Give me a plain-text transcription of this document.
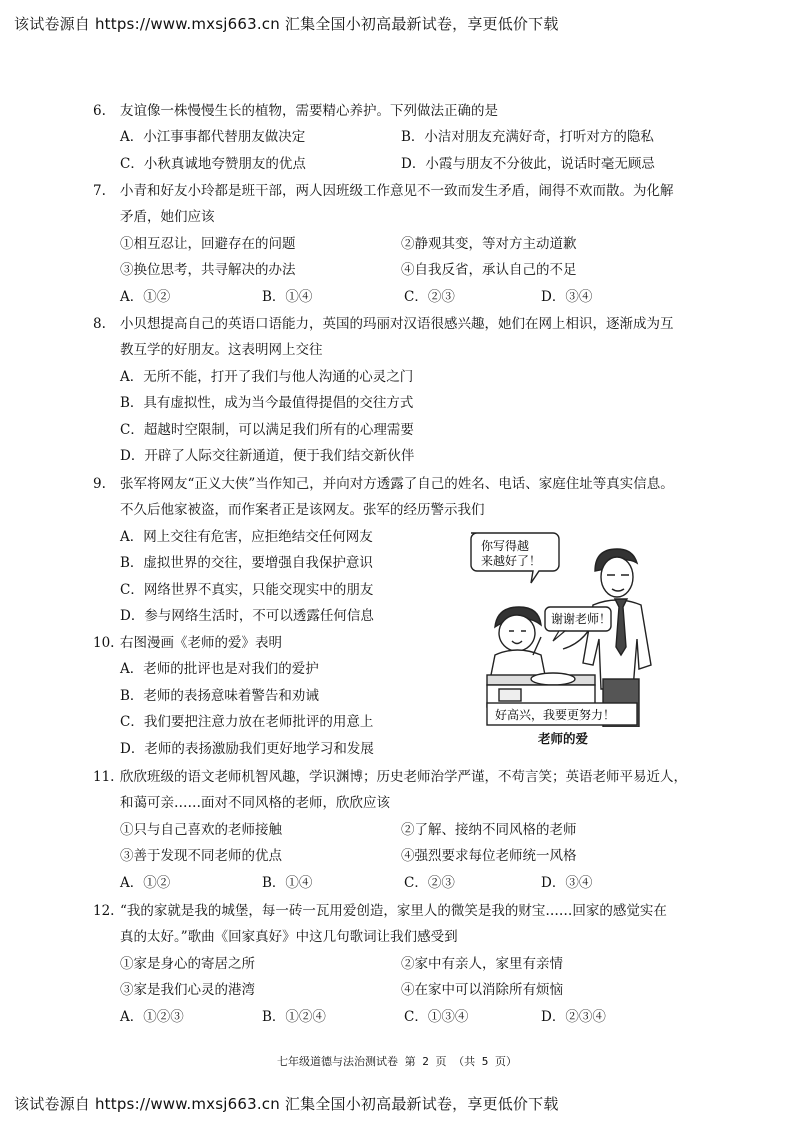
该试卷源自 https://www.mxsj663.cn 汇集全国小初高最新试卷，享更低价下载
6.	友谊像一株慢慢生长的植物，需要精心养护。下列做法正确的是
A．小江事事都代替朋友做决定	B．小洁对朋友充满好奇，打听对方的隐私
C．小秋真诚地夸赞朋友的优点	D．小霞与朋友不分彼此，说话时毫无顾忌
7.	小青和好友小玲都是班干部，两人因班级工作意见不一致而发生矛盾，闹得不欢而散。为化解
矛盾，她们应该
①相互忍让，回避存在的问题	②静观其变，等对方主动道歉
③换位思考，共寻解决的办法	④自我反省，承认自己的不足
A．①②	B．①④	C．②③	D．③④
8.	小贝想提高自己的英语口语能力，英国的玛丽对汉语很感兴趣，她们在网上相识，逐渐成为互
教互学的好朋友。这表明网上交往
A．无所不能，打开了我们与他人沟通的心灵之门
B．具有虚拟性，成为当今最值得提倡的交往方式
C．超越时空限制，可以满足我们所有的心理需要
D．开辟了人际交往新通道，便于我们结交新伙伴
9.	张军将网友“正义大侠”当作知己，并向对方透露了自己的姓名、电话、家庭住址等真实信息。
不久后他家被盗，而作案者正是该网友。张军的经历警示我们
A．网上交往有危害，应拒绝结交任何网友
B．虚拟世界的交往，要增强自我保护意识
C．网络世界不真实，只能交现实中的朋友
D．参与网络生活时，不可以透露任何信息
10. 右图漫画《老师的爱》表明
A．老师的批评也是对我们的爱护
B．老师的表扬意味着警告和劝诫
C．我们要把注意力放在老师批评的用意上
D．老师的表扬激励我们更好地学习和发展
你写得越
来越好了！
谢谢老师！
好高兴，我要更努力！
老师的爱
11. 欣欣班级的语文老师机智风趣，学识渊博；历史老师治学严谨，不苟言笑；英语老师平易近人，
和蔼可亲……面对不同风格的老师，欣欣应该
①只与自己喜欢的老师接触	②了解、接纳不同风格的老师
③善于发现不同老师的优点	④强烈要求每位老师统一风格
A．①②	B．①④	C．②③	D．③④
12. “我的家就是我的城堡，每一砖一瓦用爱创造，家里人的微笑是我的财宝……回家的感觉实在
真的太好。”歌曲《回家真好》中这几句歌词让我们感受到
①家是身心的寄居之所	②家中有亲人，家里有亲情
③家是我们心灵的港湾	④在家中可以消除所有烦恼
A．①②③	B．①②④	C．①③④	D．②③④
七年级道德与法治测试卷 第 2 页 （共 5 页）
该试卷源自 https://www.mxsj663.cn 汇集全国小初高最新试卷，享更低价下载
